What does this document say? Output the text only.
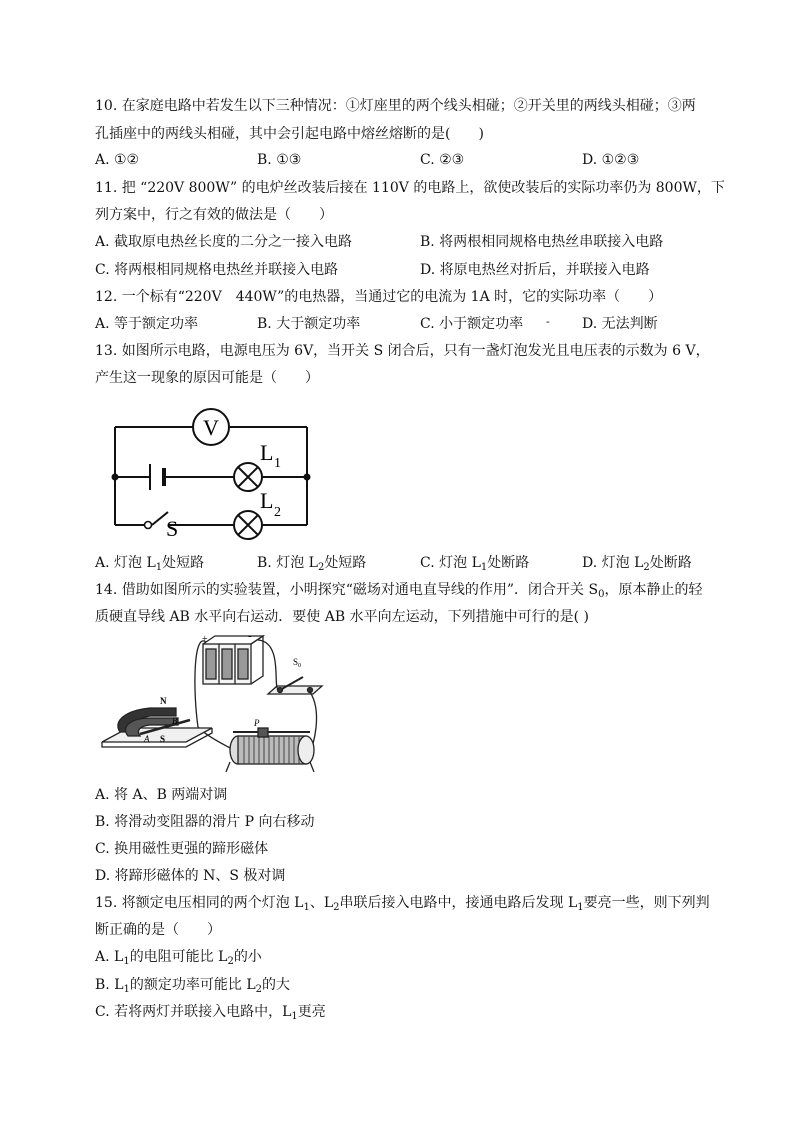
10. 在家庭电路中若发生以下三种情况：①灯座里的两个线头相碰；②开关里的两线头相碰；③两
孔插座中的两线头相碰，其中会引起电路中熔丝熔断的是(　　)
A. ①②	B. ①③	C. ②③	D. ①②③
11. 把 “220V 800W” 的电炉丝改装后接在 110V 的电路上，欲使改装后的实际功率仍为 800W，下
列方案中，行之有效的做法是（　　）
A. 截取原电热丝长度的二分之一接入电路	B. 将两根相同规格电热丝串联接入电路
C. 将两根相同规格电热丝并联接入电路	D. 将原电热丝对折后，并联接入电路
12. 一个标有“220V　440W”的电热器，当通过它的电流为 1A 时，它的实际功率（　　）
A. 等于额定功率	B. 大于额定功率	C. 小于额定功率 - D. 无法判断
13. 如图所示电路，电源电压为 6V，当开关 S 闭合后，只有一盏灯泡发光且电压表的示数为 6 V，
产生这一现象的原因可能是（　　）
V
L 1
L 2
S
A. 灯泡 $L_1$处短路	B. 灯泡 $L_2$处短路	C. 灯泡 $L_1$处断路	D. 灯泡 $L_2$处断路
14. 借助如图所示的实验装置，小明探究“磁场对通电直导线的作用”．闭合开关 $S_0$，原本静止的轻
质硬直导线 AB 水平向右运动．要使 AB 水平向左运动，下列措施中可行的是( )
+	-
$S_0$
N
S
A
B	P
A. 将 A、B 两端对调
B. 将滑动变阻器的滑片 P 向右移动
C. 换用磁性更强的蹄形磁体
D. 将蹄形磁体的 N、S 极对调
15. 将额定电压相同的两个灯泡 $L_1$、$L_2$串联后接入电路中，接通电路后发现 $L_1$要亮一些，则下列判
断正确的是（　　）
A. $L_1$的电阻可能比 $L_2$的小
B. $L_1$的额定功率可能比 $L_2$的大
C. 若将两灯并联接入电路中，$L_1$更亮
